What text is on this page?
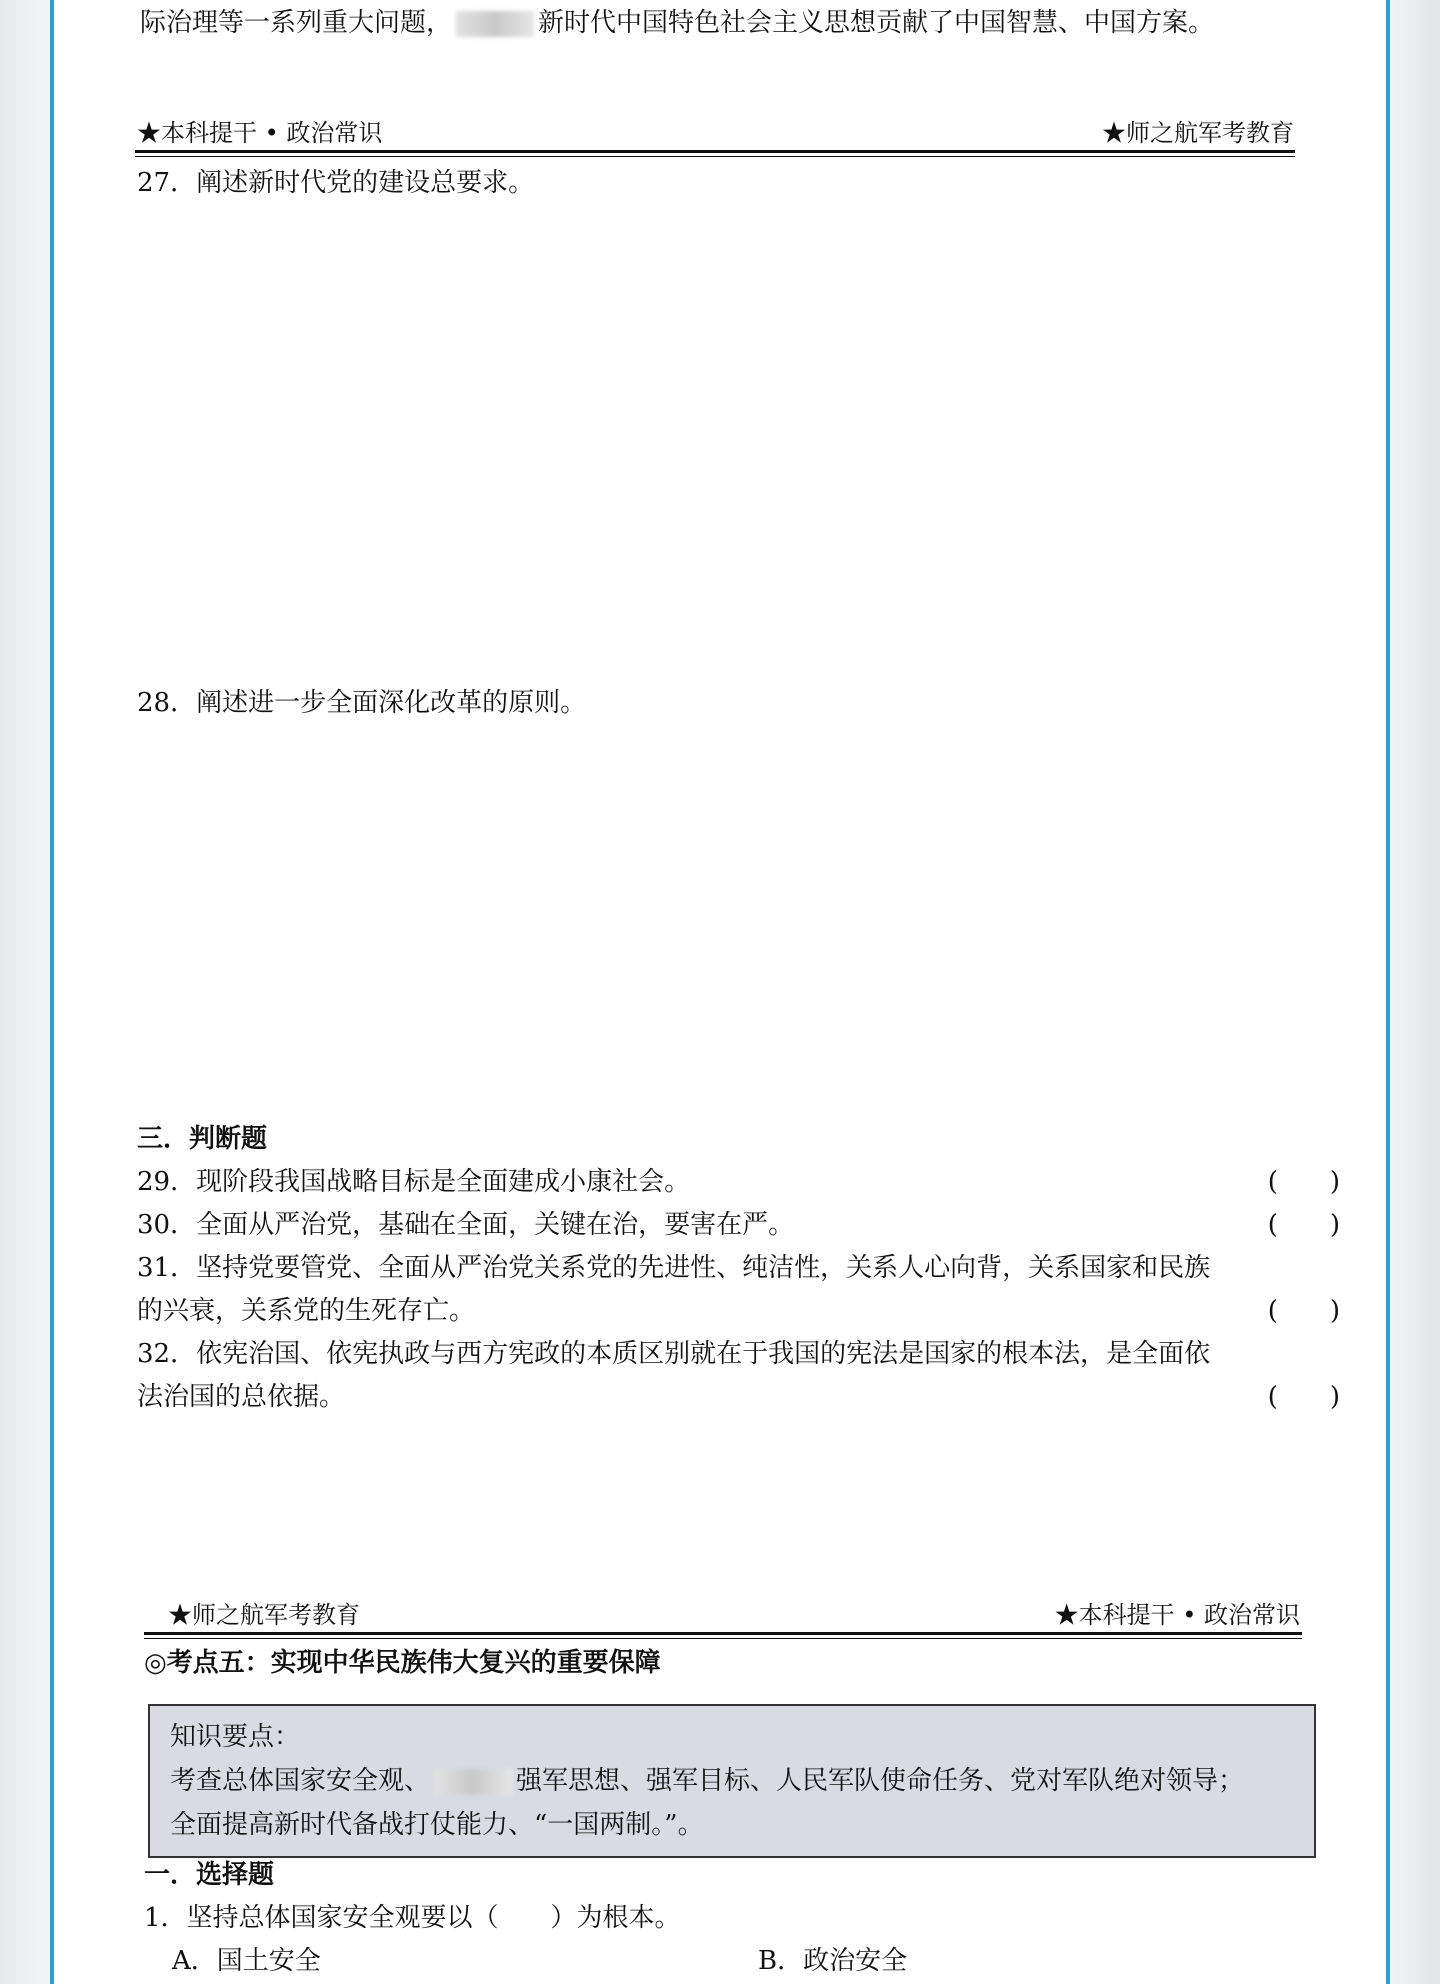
际治理等一系列重大问题，	新时代中国特色社会主义思想贡献了中国智慧、中国方案。
★本科提干 • 政治常识	★师之航军考教育
27．阐述新时代党的建设总要求。
28．阐述进一步全面深化改革的原则。
三．判断题
29．现阶段我国战略目标是全面建成小康社会。	(　　)
30．全面从严治党，基础在全面，关键在治，要害在严。	(　　)
31．坚持党要管党、全面从严治党关系党的先进性、纯洁性，关系人心向背，关系国家和民族
的兴衰，关系党的生死存亡。	(　　)
32．依宪治国、依宪执政与西方宪政的本质区别就在于我国的宪法是国家的根本法，是全面依
法治国的总依据。	(　　)
★师之航军考教育	★本科提干 • 政治常识
◎考点五：实现中华民族伟大复兴的重要保障
知识要点：
考查总体国家安全观、	强军思想、强军目标、人民军队使命任务、党对军队绝对领导；
全面提高新时代备战打仗能力、“一国两制。”。
一．选择题
1．坚持总体国家安全观要以（　　）为根本。
A．国土安全	B．政治安全
